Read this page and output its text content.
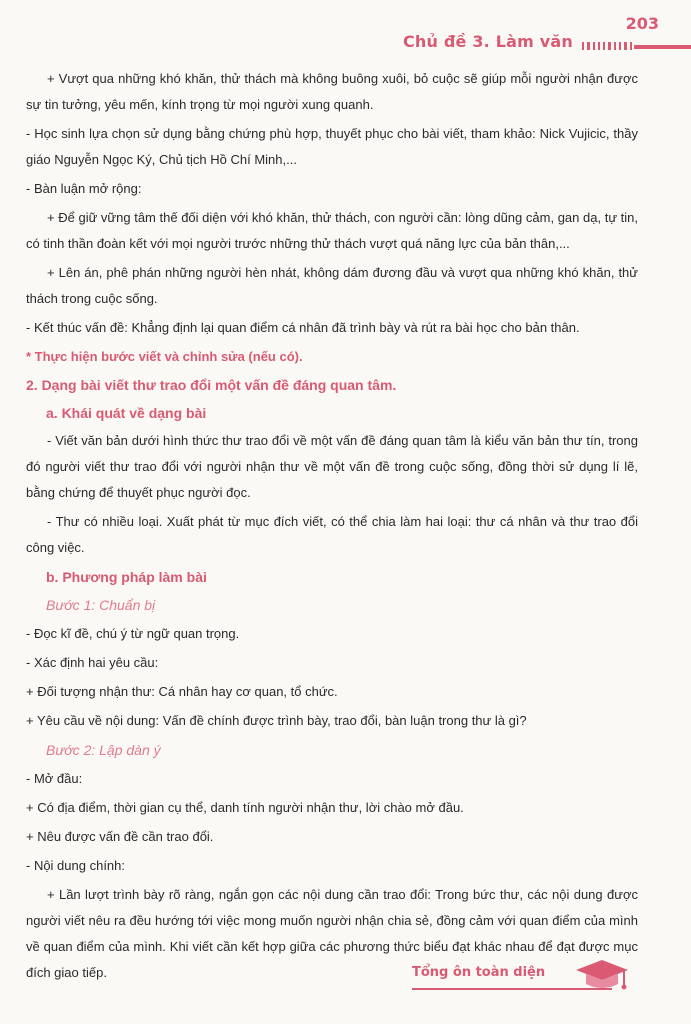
203
Chủ đề 3. Làm văn
+ Vượt qua những khó khăn, thử thách mà không buông xuôi, bỏ cuộc sẽ giúp mỗi người nhận được sự tin tưởng, yêu mến, kính trọng từ mọi người xung quanh.
- Học sinh lựa chọn sử dụng bằng chứng phù hợp, thuyết phục cho bài viết, tham khảo: Nick Vujicic, thầy giáo Nguyễn Ngọc Ký, Chủ tịch Hồ Chí Minh,...
- Bàn luận mở rộng:
+ Để giữ vững tâm thế đối diện với khó khăn, thử thách, con người cần: lòng dũng cảm, gan dạ, tự tin, có tinh thần đoàn kết với mọi người trước những thử thách vượt quá năng lực của bản thân,...
+ Lên án, phê phán những người hèn nhát, không dám đương đầu và vượt qua những khó khăn, thử thách trong cuộc sống.
- Kết thúc vấn đề: Khẳng định lại quan điểm cá nhân đã trình bày và rút ra bài học cho bản thân.
* Thực hiện bước viết và chỉnh sửa (nếu có).
2. Dạng bài viết thư trao đổi một vấn đề đáng quan tâm.
a. Khái quát về dạng bài
- Viết văn bản dưới hình thức thư trao đổi về một vấn đề đáng quan tâm là kiểu văn bản thư tín, trong đó người viết thư trao đổi với người nhận thư về một vấn đề trong cuộc sống, đồng thời sử dụng lí lẽ, bằng chứng để thuyết phục người đọc.
- Thư có nhiều loại. Xuất phát từ mục đích viết, có thể chia làm hai loại: thư cá nhân và thư trao đổi công việc.
b. Phương pháp làm bài
Bước 1: Chuẩn bị
- Đọc kĩ đề, chú ý từ ngữ quan trọng.
- Xác định hai yêu cầu:
+ Đối tượng nhận thư: Cá nhân hay cơ quan, tổ chức.
+ Yêu cầu về nội dung: Vấn đề chính được trình bày, trao đổi, bàn luận trong thư là gì?
Bước 2: Lập dàn ý
- Mở đầu:
+ Có địa điểm, thời gian cụ thể, danh tính người nhận thư, lời chào mở đầu.
+ Nêu được vấn đề cần trao đổi.
- Nội dung chính:
+ Lần lượt trình bày rõ ràng, ngắn gọn các nội dung cần trao đổi: Trong bức thư, các nội dung được người viết nêu ra đều hướng tới việc mong muốn người nhận chia sẻ, đồng cảm với quan điểm của mình về quan điểm của mình. Khi viết cần kết hợp giữa các phương thức biểu đạt khác nhau để đạt được mục đích giao tiếp.	Tổng ôn toàn diện
